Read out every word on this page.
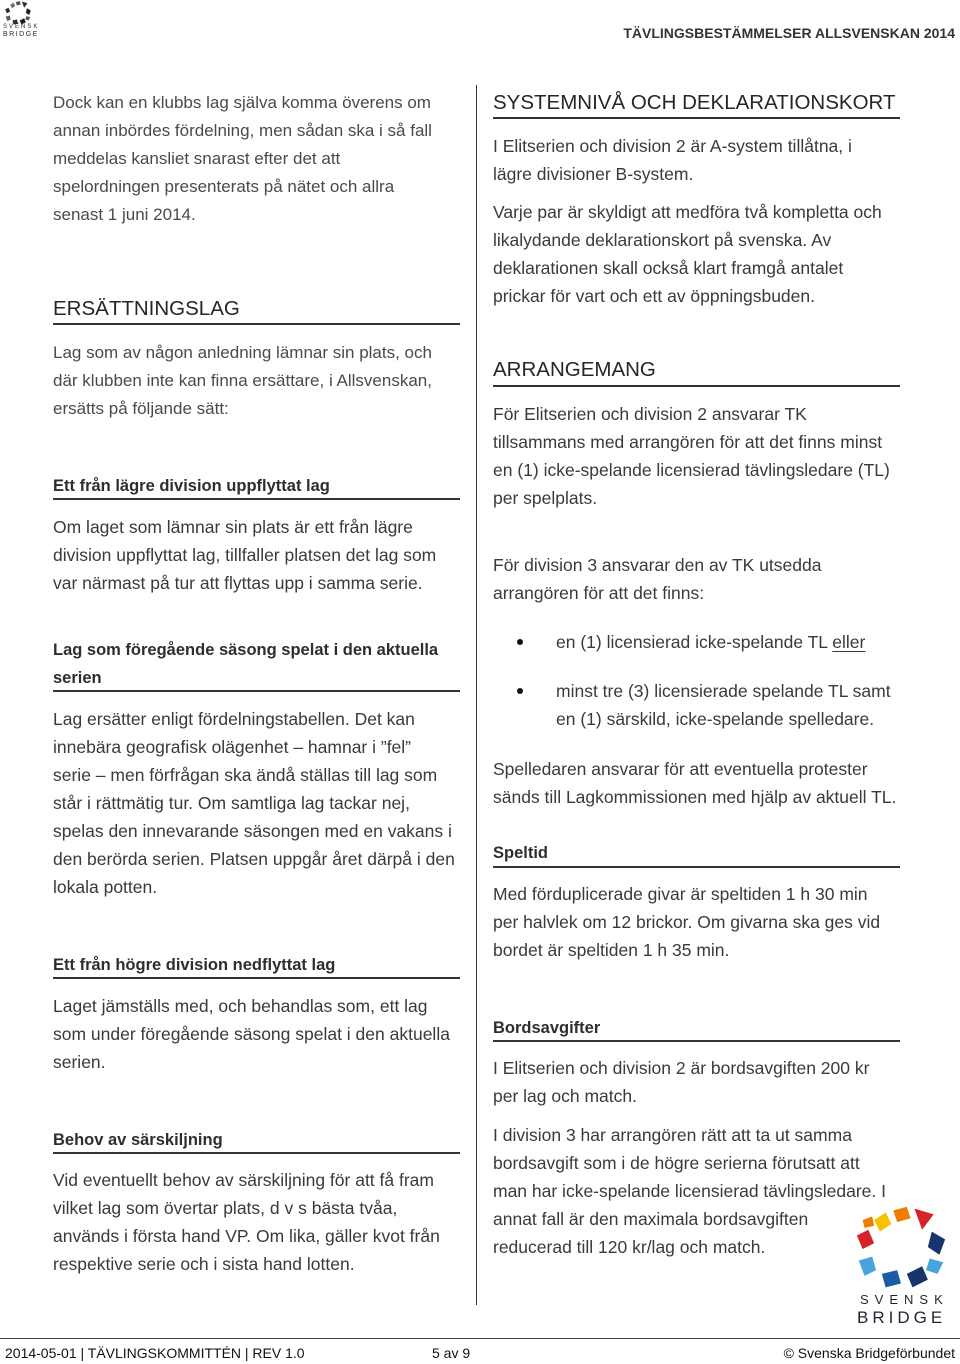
SVENSK
BRIDGE	TÄVLINGSBESTÄMMELSER ALLSVENSKAN 2014
Dock kan en klubbs lag själva komma överens om
annan inbördes fördelning, men sådan ska i så fall
meddelas kansliet snarast efter det att
spelordningen presenterats på nätet och allra
senast 1 juni 2014.
ERSÄTTNINGSLAG
Lag som av någon anledning lämnar sin plats, och
där klubben inte kan finna ersättare, i Allsvenskan,
ersätts på följande sätt:
Ett från lägre division uppflyttat lag
Om laget som lämnar sin plats är ett från lägre
division uppflyttat lag, tillfaller platsen det lag som
var närmast på tur att flyttas upp i samma serie.
Lag som föregående säsong spelat i den aktuella
serien
Lag ersätter enligt fördelningstabellen. Det kan
innebära geografisk olägenhet – hamnar i ”fel”
serie – men förfrågan ska ändå ställas till lag som
står i rättmätig tur. Om samtliga lag tackar nej,
spelas den innevarande säsongen med en vakans i
den berörda serien. Platsen uppgår året därpå i den
lokala potten.
Ett från högre division nedflyttat lag
Laget jämställs med, och behandlas som, ett lag
som under föregående säsong spelat i den aktuella
serien.
Behov av särskiljning
Vid eventuellt behov av särskiljning för att få fram
vilket lag som övertar plats, d v s bästa tvåa,
används i första hand VP. Om lika, gäller kvot från
respektive serie och i sista hand lotten.
SYSTEMNIVÅ OCH DEKLARATIONSKORT
I Elitserien och division 2 är A-system tillåtna, i
lägre divisioner B-system.
Varje par är skyldigt att medföra två kompletta och
likalydande deklarationskort på svenska. Av
deklarationen skall också klart framgå antalet
prickar för vart och ett av öppningsbuden.
ARRANGEMANG
För Elitserien och division 2 ansvarar TK
tillsammans med arrangören för att det finns minst
en (1) icke-spelande licensierad tävlingsledare (TL)
per spelplats.
För division 3 ansvarar den av TK utsedda
arrangören för att det finns:
en (1) licensierad icke-spelande TL eller
minst tre (3) licensierade spelande TL samt
en (1) särskild, icke-spelande spelledare.
Spelledaren ansvarar för att eventuella protester
sänds till Lagkommissionen med hjälp av aktuell TL.
Speltid
Med förduplicerade givar är speltiden 1 h 30 min
per halvlek om 12 brickor. Om givarna ska ges vid
bordet är speltiden 1 h 35 min.
Bordsavgifter
I Elitserien och division 2 är bordsavgiften 200 kr
per lag och match.
I division 3 har arrangören rätt att ta ut samma
bordsavgift som i de högre serierna förutsatt att
man har icke-spelande licensierad tävlingsledare. I
annat fall är den maximala bordsavgiften
reducerad till 120 kr/lag och match.
SVENSK
BRIDGE
2014-05-01 | TÄVLINGSKOMMITTÉN | REV 1.0	5 av 9	© Svenska Bridgeförbundet
